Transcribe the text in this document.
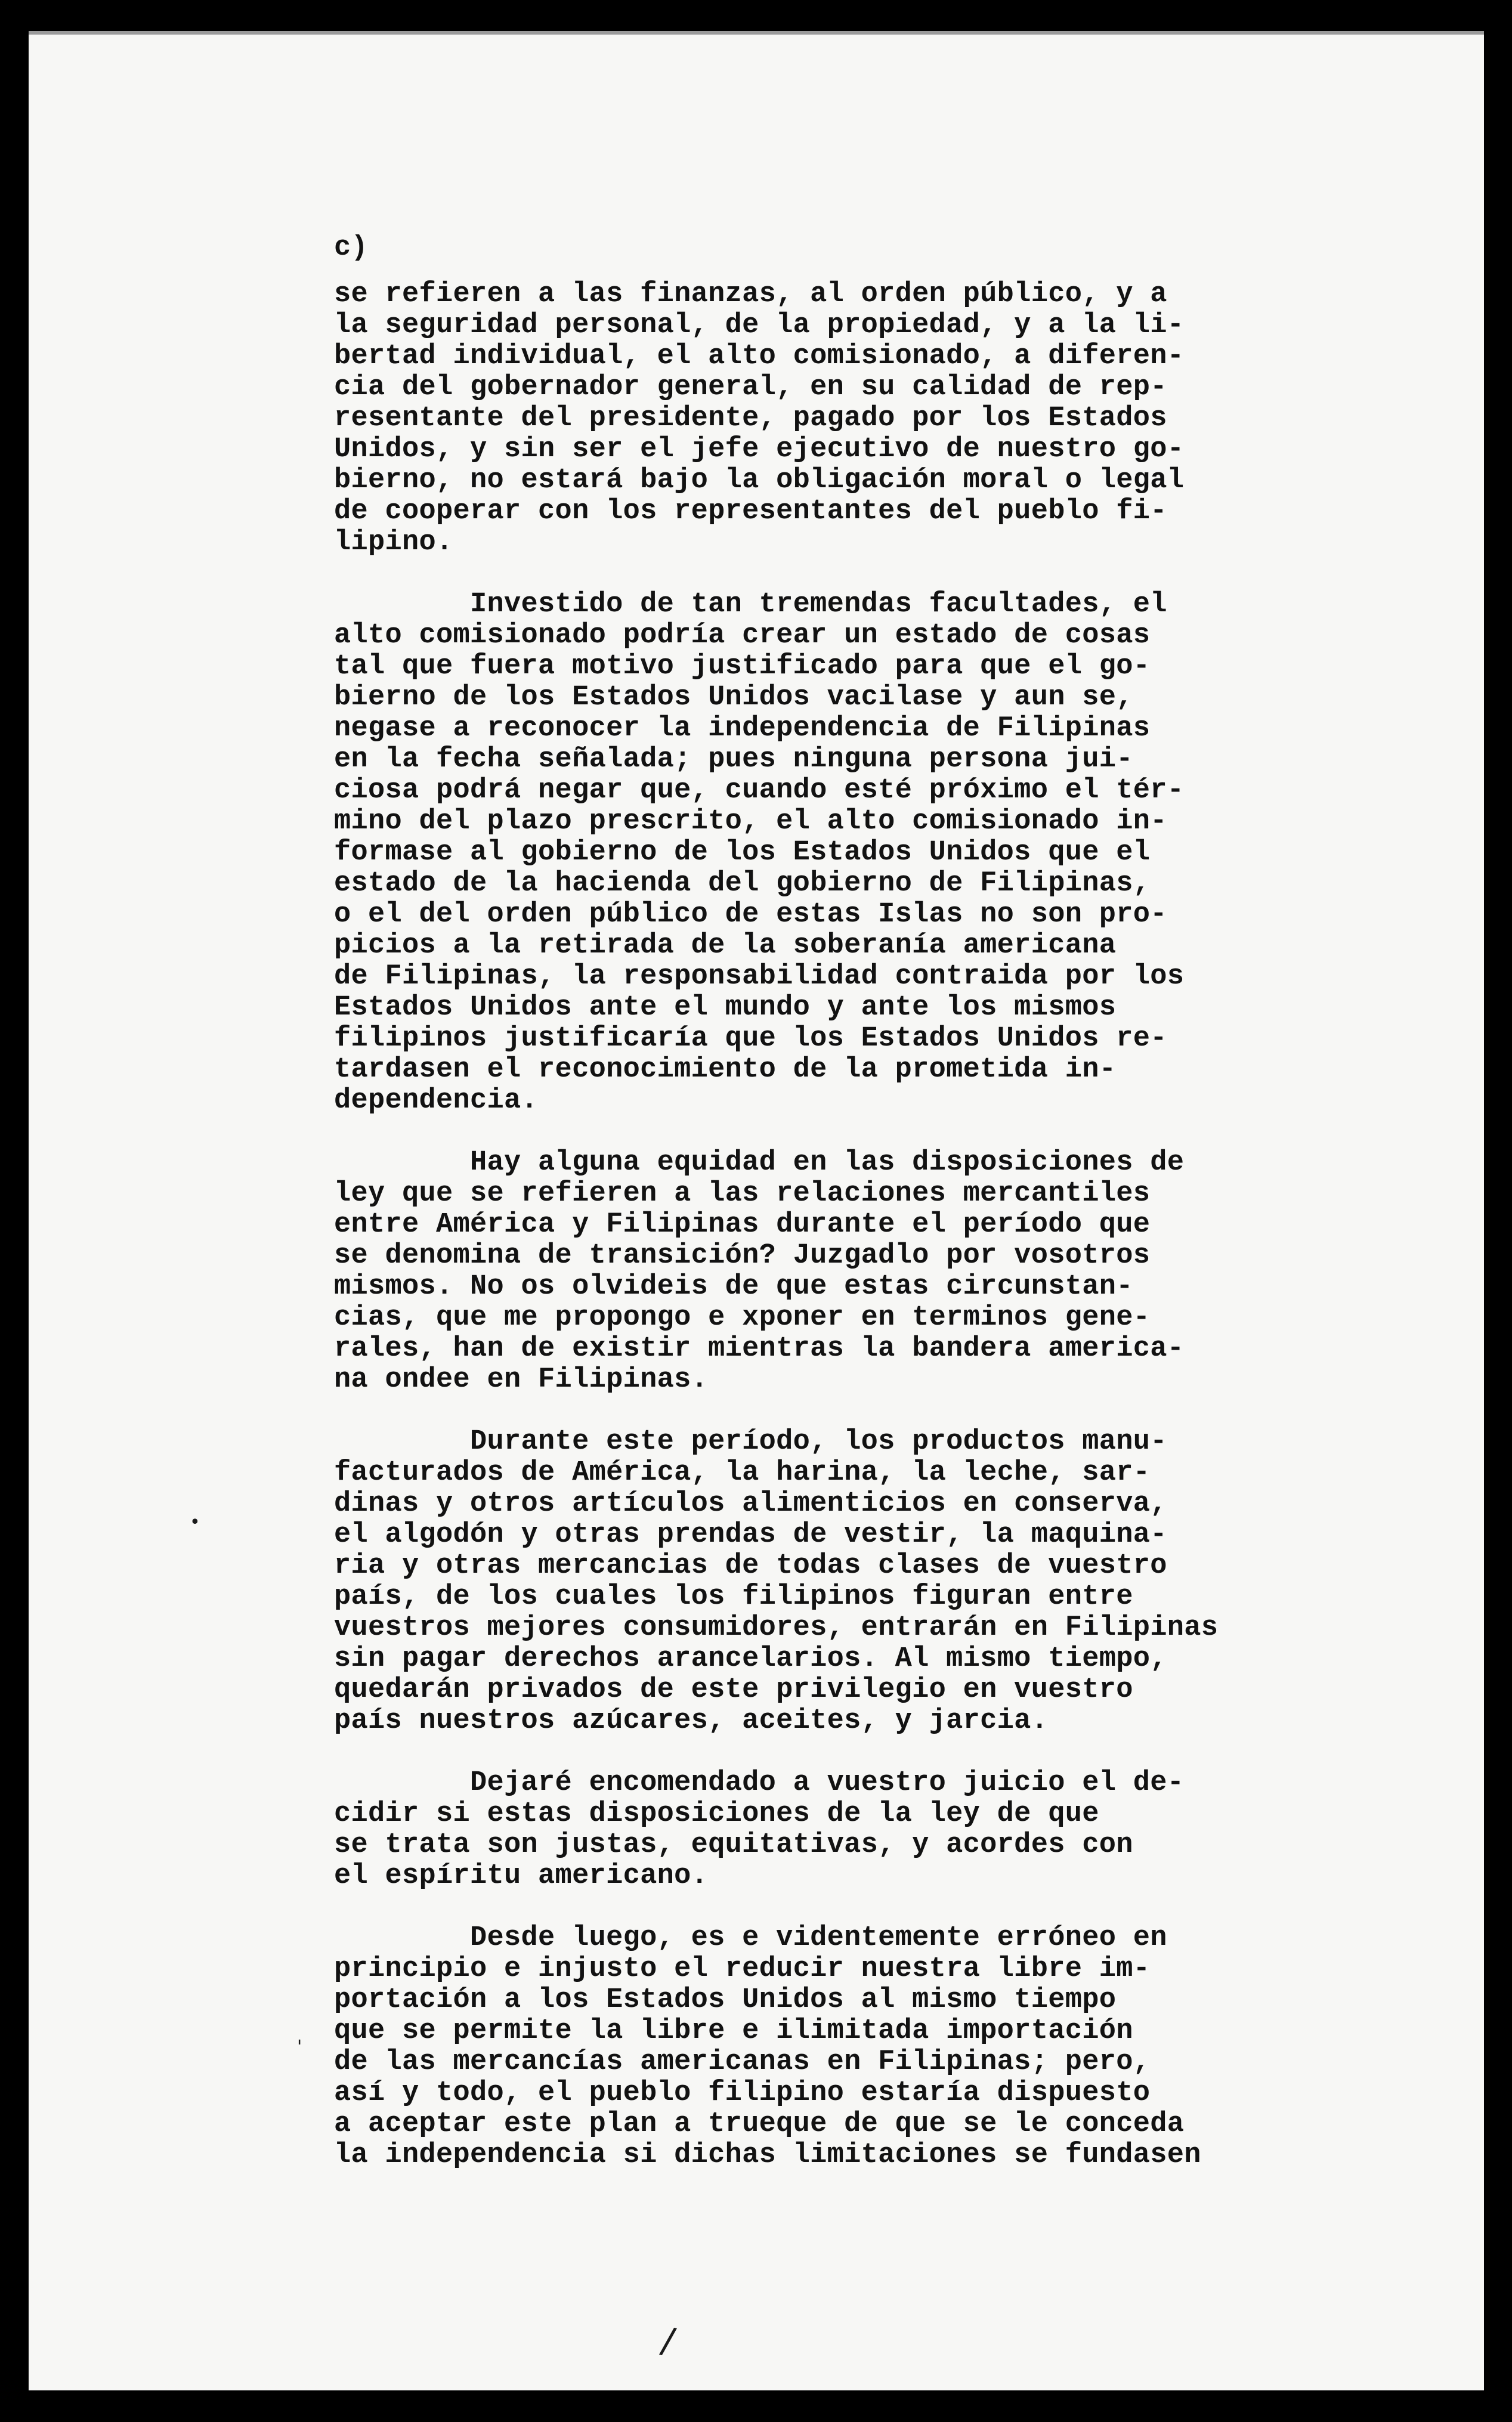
c)
se refieren a las finanzas, al orden público, y a
la seguridad personal, de la propiedad, y a la li-
bertad individual, el alto comisionado, a diferen-
cia del gobernador general, en su calidad de rep-
resentante del presidente, pagado por los Estados
Unidos, y sin ser el jefe ejecutivo de nuestro go-
bierno, no estará bajo la obligación moral o legal
de cooperar con los representantes del pueblo fi-
lipino.
Investido de tan tremendas facultades, el
alto comisionado podría crear un estado de cosas
tal que fuera motivo justificado para que el go-
bierno de los Estados Unidos vacilase y aun se,
negase a reconocer la independencia de Filipinas
en la fecha señalada; pues ninguna persona jui-
ciosa podrá negar que, cuando esté próximo el tér-
mino del plazo prescrito, el alto comisionado in-
formase al gobierno de los Estados Unidos que el
estado de la hacienda del gobierno de Filipinas,
o el del orden público de estas Islas no son pro-
picios a la retirada de la soberanía americana
de Filipinas, la responsabilidad contraida por los
Estados Unidos ante el mundo y ante los mismos
filipinos justificaría que los Estados Unidos re-
tardasen el reconocimiento de la prometida in-
dependencia.
Hay alguna equidad en las disposiciones de
ley que se refieren a las relaciones mercantiles
entre América y Filipinas durante el período que
se denomina de transición? Juzgadlo por vosotros
mismos. No os olvideis de que estas circunstan-
cias, que me propongo e xponer en terminos gene-
rales, han de existir mientras la bandera america-
na ondee en Filipinas.
Durante este período, los productos manu-
facturados de América, la harina, la leche, sar-
dinas y otros artículos alimenticios en conserva,
el algodón y otras prendas de vestir, la maquina-
ria y otras mercancias de todas clases de vuestro
país, de los cuales los filipinos figuran entre
vuestros mejores consumidores, entrarán en Filipinas
sin pagar derechos arancelarios. Al mismo tiempo,
quedarán privados de este privilegio en vuestro
país nuestros azúcares, aceites, y jarcia.
Dejaré encomendado a vuestro juicio el de-
cidir si estas disposiciones de la ley de que
se trata son justas, equitativas, y acordes con
el espíritu americano.
Desde luego, es e videntemente erróneo en
principio e injusto el reducir nuestra libre im-
portación a los Estados Unidos al mismo tiempo
que se permite la libre e ilimitada importación
de las mercancías americanas en Filipinas; pero,
así y todo, el pueblo filipino estaría dispuesto
a aceptar este plan a trueque de que se le conceda
la independencia si dichas limitaciones se fundasen
•
'
/
